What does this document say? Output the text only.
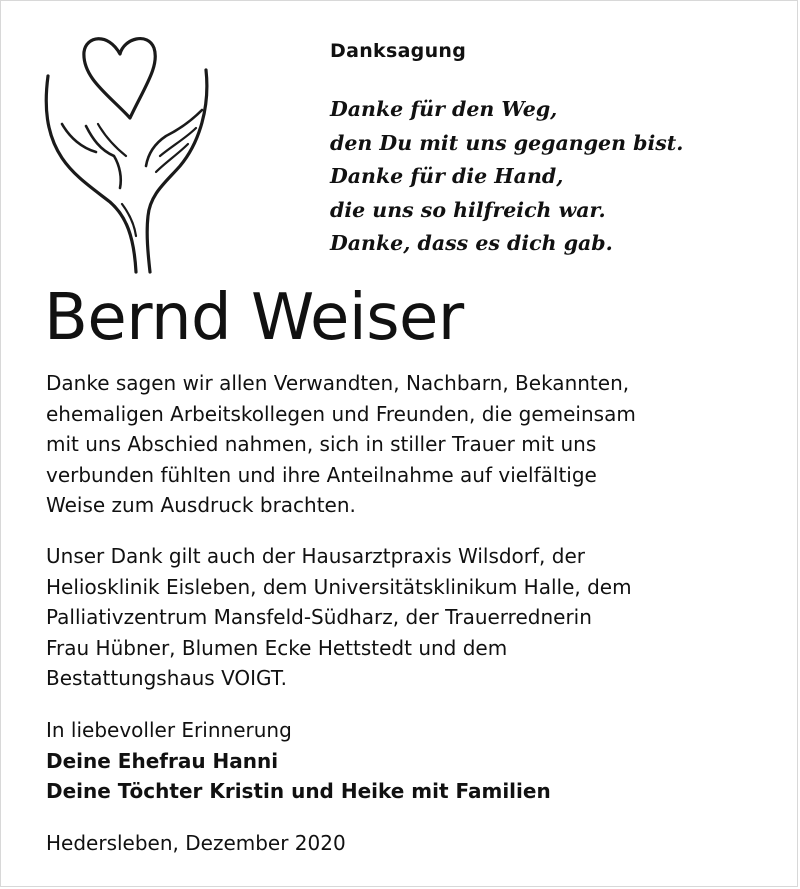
Danksagung
Danke für den Weg,
den Du mit uns gegangen bist.
Danke für die Hand,
die uns so hilfreich war.
Danke, dass es dich gab.
Bernd Weiser
Danke sagen wir allen Verwandten, Nachbarn, Bekannten,
ehemaligen Arbeitskollegen und Freunden, die gemeinsam
mit uns Abschied nahmen, sich in stiller Trauer mit uns
verbunden fühlten und ihre Anteilnahme auf vielfältige
Weise zum Ausdruck brachten.
Unser Dank gilt auch der Hausarztpraxis Wilsdorf, der
Heliosklinik Eisleben, dem Universitätsklinikum Halle, dem
Palliativzentrum Mansfeld-Südharz, der Trauerrednerin
Frau Hübner, Blumen Ecke Hettstedt und dem
Bestattungshaus VOIGT.
In liebevoller Erinnerung
Deine Ehefrau Hanni
Deine Töchter Kristin und Heike mit Familien
Hedersleben, Dezember 2020
